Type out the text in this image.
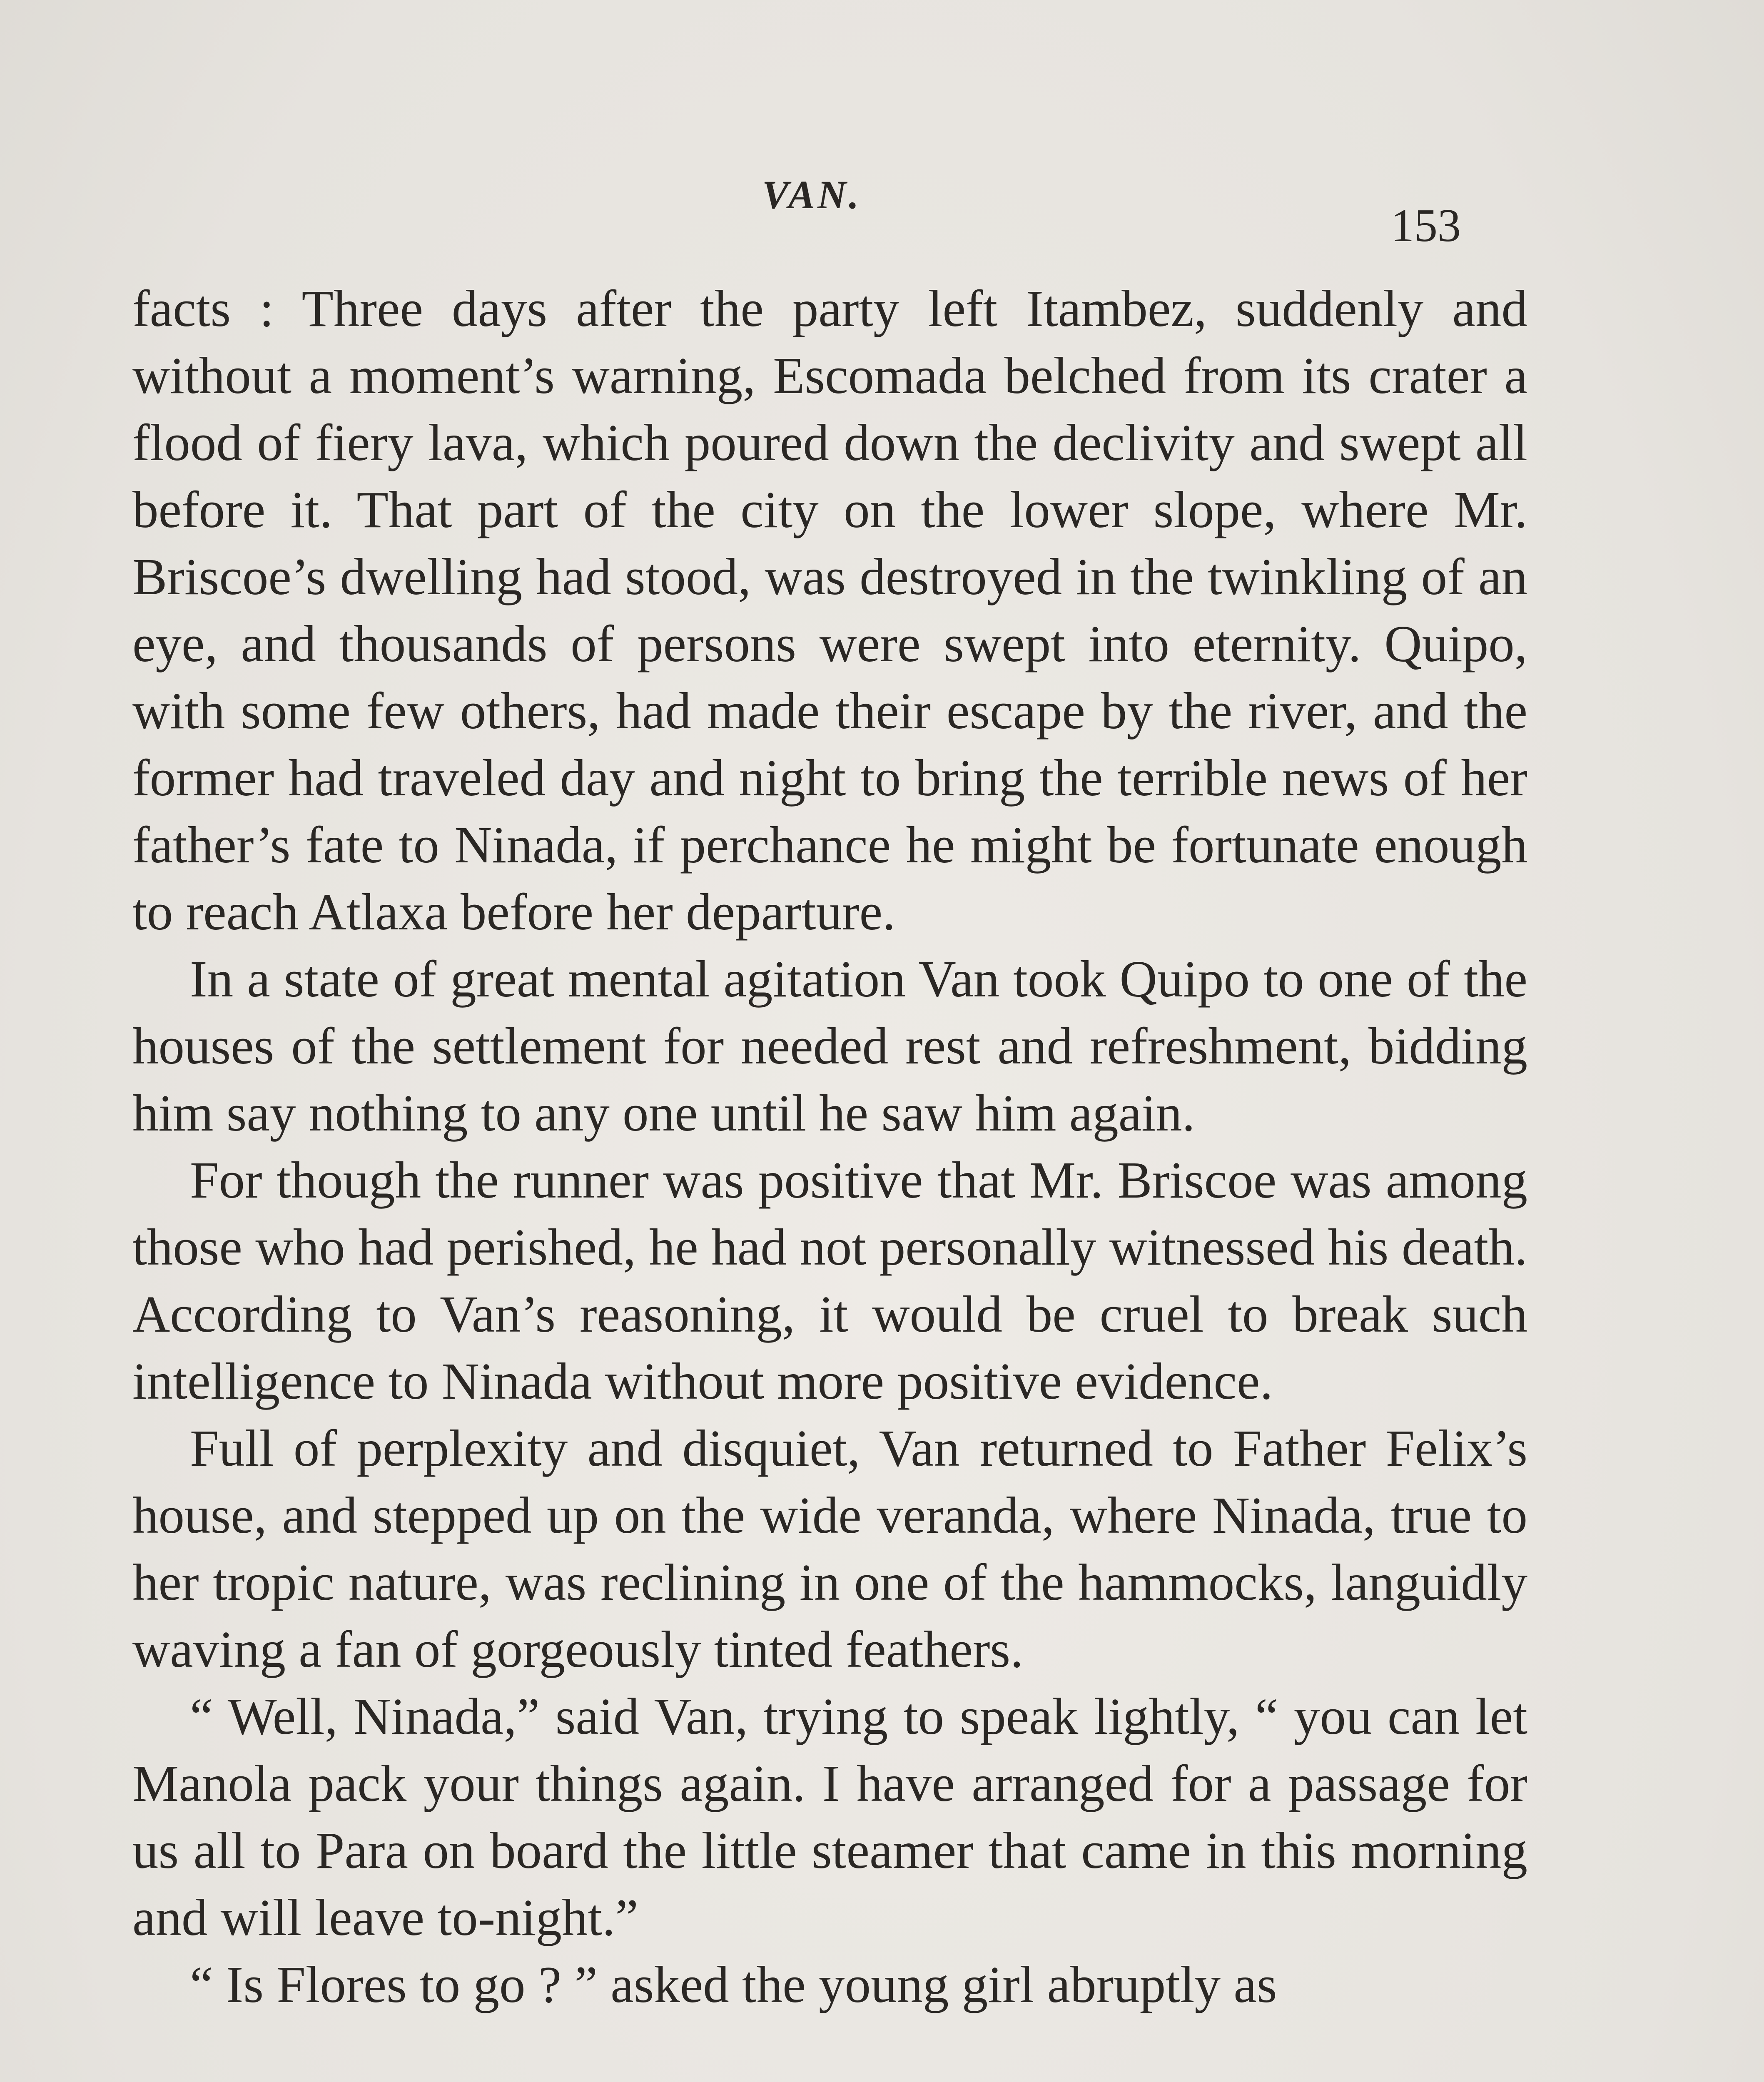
VAN.
153

facts : Three days after the party left Itambez, suddenly and without a moment’s warning, Escomada belched from its crater a flood of fiery lava, which poured down the declivity and swept all before it. That part of the city on the lower slope, where Mr. Briscoe’s dwelling had stood, was destroyed in the twinkling of an eye, and thousands of persons were swept into eternity. Quipo, with some few others, had made their escape by the river, and the former had traveled day and night to bring the terrible news of her father’s fate to Ninada, if perchance he might be fortunate enough to reach Atlaxa before her departure.

In a state of great mental agitation Van took Quipo to one of the houses of the settlement for needed rest and refreshment, bidding him say nothing to any one until he saw him again.

For though the runner was positive that Mr. Briscoe was among those who had perished, he had not personally witnessed his death. According to Van’s reasoning, it would be cruel to break such intelligence to Ninada without more positive evidence.

Full of perplexity and disquiet, Van returned to Father Felix’s house, and stepped up on the wide veranda, where Ninada, true to her tropic nature, was reclining in one of the hammocks, languidly waving a fan of gorgeously tinted feathers.

“ Well, Ninada,” said Van, trying to speak lightly, “ you can let Manola pack your things again. I have arranged for a passage for us all to Para on board the little steamer that came in this morning and will leave to-night.”

“ Is Flores to go ? ” asked the young girl abruptly as
